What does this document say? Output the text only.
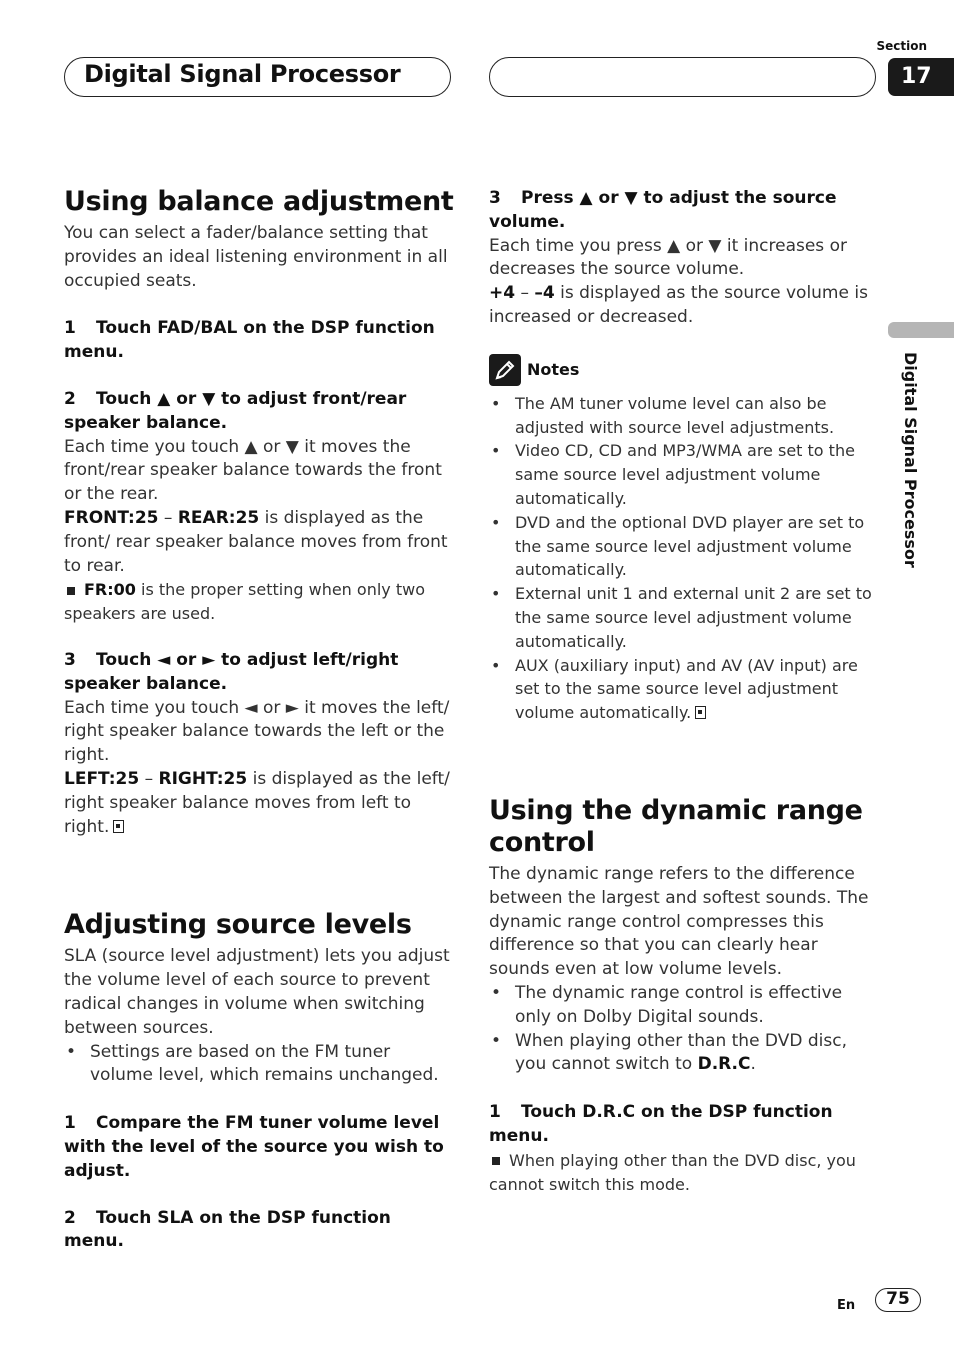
Digital Signal Processor
Section
17
Digital Signal Processor
Using balance adjustment

You can select a fader/balance setting that provides an ideal listening environment in all occupied seats.

1 Touch FAD/BAL on the DSP function menu.

2 Touch ▲ or ▼ to adjust front/rear speaker balance.

Each time you touch ▲ or ▼ it moves the front/rear speaker balance towards the front or the rear.

FRONT:25 – REAR:25 is displayed as the front/ rear speaker balance moves from front to rear.

FR:00 is the proper setting when only two speakers are used.

3 Touch ◄ or ► to adjust left/right speaker balance.

Each time you touch ◄ or ► it moves the left/ right speaker balance towards the left or the right.

LEFT:25 – RIGHT:25 is displayed as the left/ right speaker balance moves from left to right.

Adjusting source levels

SLA (source level adjustment) lets you adjust the volume level of each source to prevent radical changes in volume when switching between sources.

• Settings are based on the FM tuner volume level, which remains unchanged.

1 Compare the FM tuner volume level with the level of the source you wish to adjust.

2 Touch SLA on the DSP function menu.

3 Press ▲ or ▼ to adjust the source volume.

Each time you press ▲ or ▼ it increases or decreases the source volume.

+4 – –4 is displayed as the source volume is increased or decreased.

Notes
• The AM tuner volume level can also be adjusted with source level adjustments.
• Video CD, CD and MP3/WMA are set to the same source level adjustment volume automatically.
• DVD and the optional DVD player are set to the same source level adjustment volume automatically.
• External unit 1 and external unit 2 are set to the same source level adjustment volume automatically.
• AUX (auxiliary input) and AV (AV input) are set to the same source level adjustment volume automatically.
Using the dynamic range control

The dynamic range refers to the difference between the largest and softest sounds. The dynamic range control compresses this difference so that you can clearly hear sounds even at low volume levels.

• The dynamic range control is effective only on Dolby Digital sounds.
• When playing other than the DVD disc, you cannot switch to D.R.C.

1 Touch D.R.C on the DSP function menu.

When playing other than the DVD disc, you cannot switch this mode.

En	75
